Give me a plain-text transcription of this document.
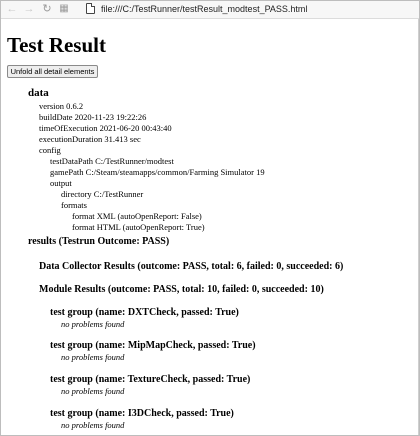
← → ↻ ▦	file:///C:/TestRunner/testResult_modtest_PASS.html
Test Result
Unfold all detail elements
data
version 0.6.2
buildDate 2020-11-23 19:22:26
timeOfExecution 2021-06-20 00:43:40
executionDuration 31.413 sec
config
testDataPath C:/TestRunner/modtest
gamePath C:/Steam/steamapps/common/Farming Simulator 19
output
directory C:/TestRunner
formats
format XML (autoOpenReport: False)
format HTML (autoOpenReport: True)
results (Testrun Outcome: PASS)
Data Collector Results (outcome: PASS, total: 6, failed: 0, succeeded: 6)
Module Results (outcome: PASS, total: 10, failed: 0, succeeded: 10)
test group (name: DXTCheck, passed: True)
no problems found
test group (name: MipMapCheck, passed: True)
no problems found
test group (name: TextureCheck, passed: True)
no problems found
test group (name: I3DCheck, passed: True)
no problems found
